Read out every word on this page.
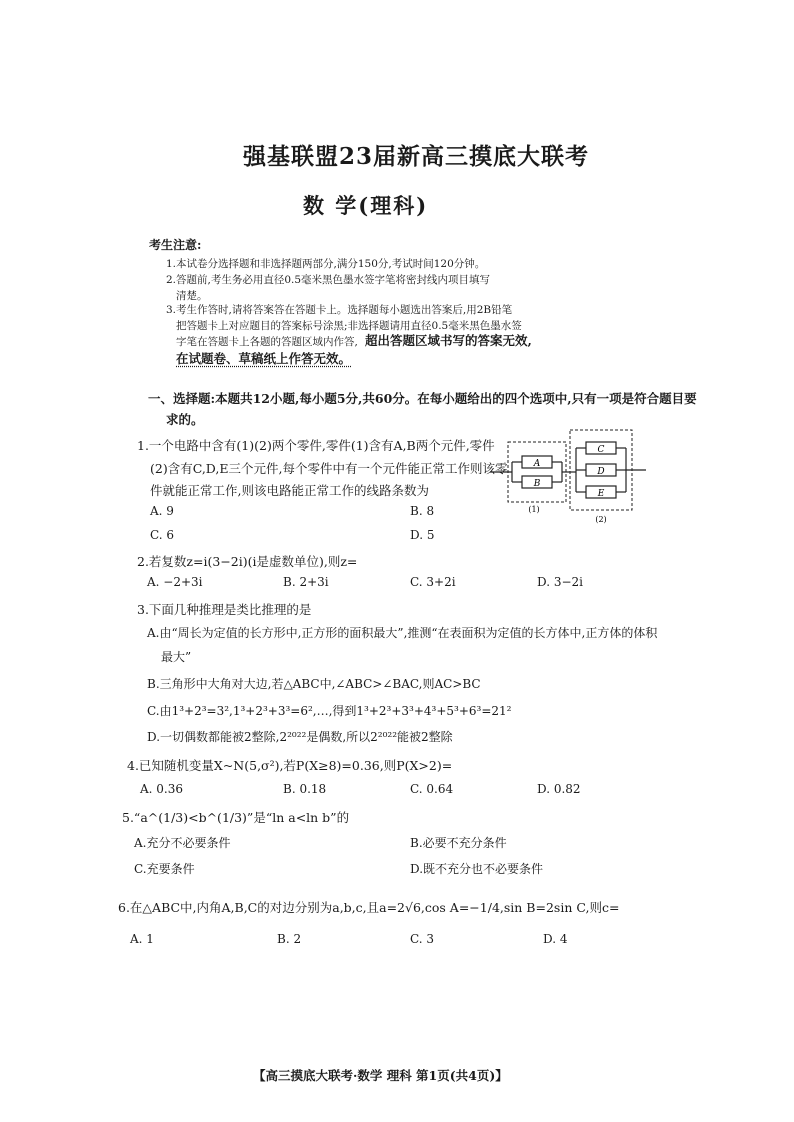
强基联盟23届新高三摸底大联考
数 学(理科)
考生注意:
1.本试卷分选择题和非选择题两部分,满分150分,考试时间120分钟。
2.答题前,考生务必用直径0.5毫米黑色墨水签字笔将密封线内项目填写
清楚。
3.考生作答时,请将答案答在答题卡上。选择题每小题选出答案后,用2B铅笔
把答题卡上对应题目的答案标号涂黑;非选择题请用直径0.5毫米黑色墨水签
字笔在答题卡上各题的答题区域内作答, 超出答题区域书写的答案无效,
在试题卷、草稿纸上作答无效。
一、选择题:本题共12小题,每小题5分,共60分。在每小题给出的四个选项中,只有一项是符合题目要
求的。
1.一个电路中含有(1)(2)两个零件,零件(1)含有A,B两个元件,零件
(2)含有C,D,E三个元件,每个零件中有一个元件能正常工作则该零
件就能正常工作,则该电路能正常工作的线路条数为
A. 9	B. 8
C. 6	D. 5
A
B
C
D
E
(1)
(2)
2.若复数z=i(3−2i)(i是虚数单位),则z=
A. −2+3i	B. 2+3i	C. 3+2i	D. 3−2i
3.下面几种推理是类比推理的是
A.由“周长为定值的长方形中,正方形的面积最大”,推测“在表面积为定值的长方体中,正方体的体积
最大”
B.三角形中大角对大边,若△ABC中,∠ABC>∠BAC,则AC>BC
C.由1³+2³=3²,1³+2³+3³=6²,…,得到1³+2³+3³+4³+5³+6³=21²
D.一切偶数都能被2整除,2²⁰²²是偶数,所以2²⁰²²能被2整除
4.已知随机变量X~N(5,σ²),若P(X≥8)=0.36,则P(X>2)=
A. 0.36	B. 0.18	C. 0.64	D. 0.82
5.“a^(1/3)<b^(1/3)”是“ln a<ln b”的
A.充分不必要条件	B.必要不充分条件
C.充要条件	D.既不充分也不必要条件
6.在△ABC中,内角A,B,C的对边分别为a,b,c,且a=2√6,cos A=−1/4,sin B=2sin C,则c=
A. 1	B. 2	C. 3	D. 4
【高三摸底大联考·数学 理科 第1页(共4页)】
